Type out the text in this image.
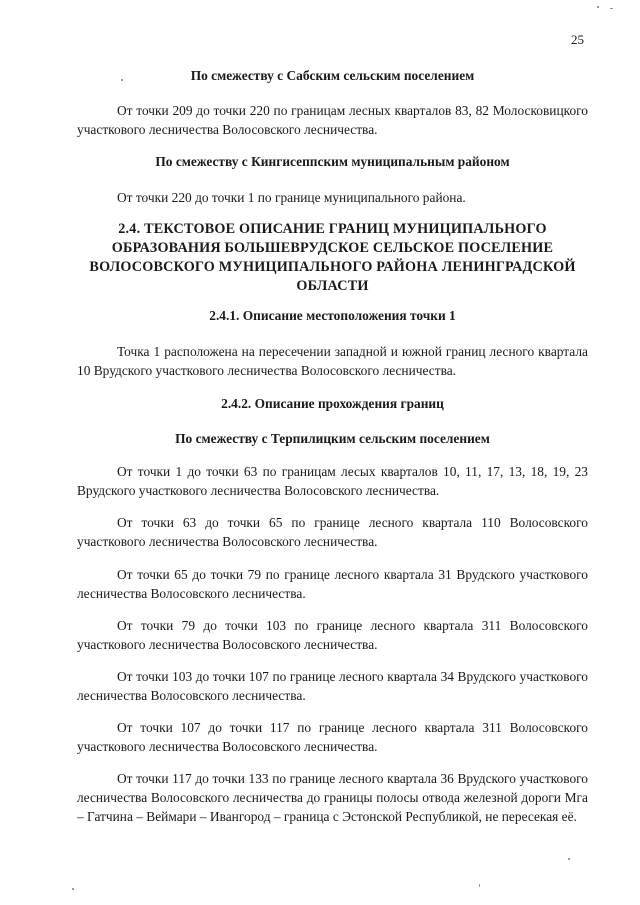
25
По смежеству с Сабским сельским поселением
От точки 209 до точки 220 по границам лесных кварталов 83, 82 Молосковицкого участкового лесничества Волосовского лесничества.
По смежеству с Кингисеппским муниципальным районом
От точки 220 до точки 1 по границе муниципального района.
2.4. ТЕКСТОВОЕ ОПИСАНИЕ ГРАНИЦ МУНИЦИПАЛЬНОГО ОБРАЗОВАНИЯ БОЛЬШЕВРУДСКОЕ СЕЛЬСКОЕ ПОСЕЛЕНИЕ ВОЛОСОВСКОГО МУНИЦИПАЛЬНОГО РАЙОНА ЛЕНИНГРАДСКОЙ ОБЛАСТИ
2.4.1. Описание местоположения точки 1
Точка 1 расположена на пересечении западной и южной границ лесного квартала 10 Врудского участкового лесничества Волосовского лесничества.
2.4.2. Описание прохождения границ
По смежеству с Терпилицким сельским поселением
От точки 1 до точки 63 по границам лесых кварталов 10, 11, 17, 13, 18, 19, 23 Врудского участкового лесничества Волосовского лесничества.
От точки 63 до точки 65 по границе лесного квартала 110 Волосовского участкового лесничества Волосовского лесничества.
От точки 65 до точки 79 по границе лесного квартала 31 Врудского участкового лесничества Волосовского лесничества.
От точки 79 до точки 103 по границе лесного квартала 311 Волосовского участкового лесничества Волосовского лесничества.
От точки 103 до точки 107 по границе лесного квартала 34 Врудского участкового лесничества Волосовского лесничества.
От точки 107 до точки 117 по границе лесного квартала 311 Волосовского участкового лесничества Волосовского лесничества.
От точки 117 до точки 133 по границе лесного квартала 36 Врудского участкового лесничества Волосовского лесничества до границы полосы отвода железной дороги Мга – Гатчина – Веймари – Ивангород – граница с Эстонской Республикой, не пересекая её.
